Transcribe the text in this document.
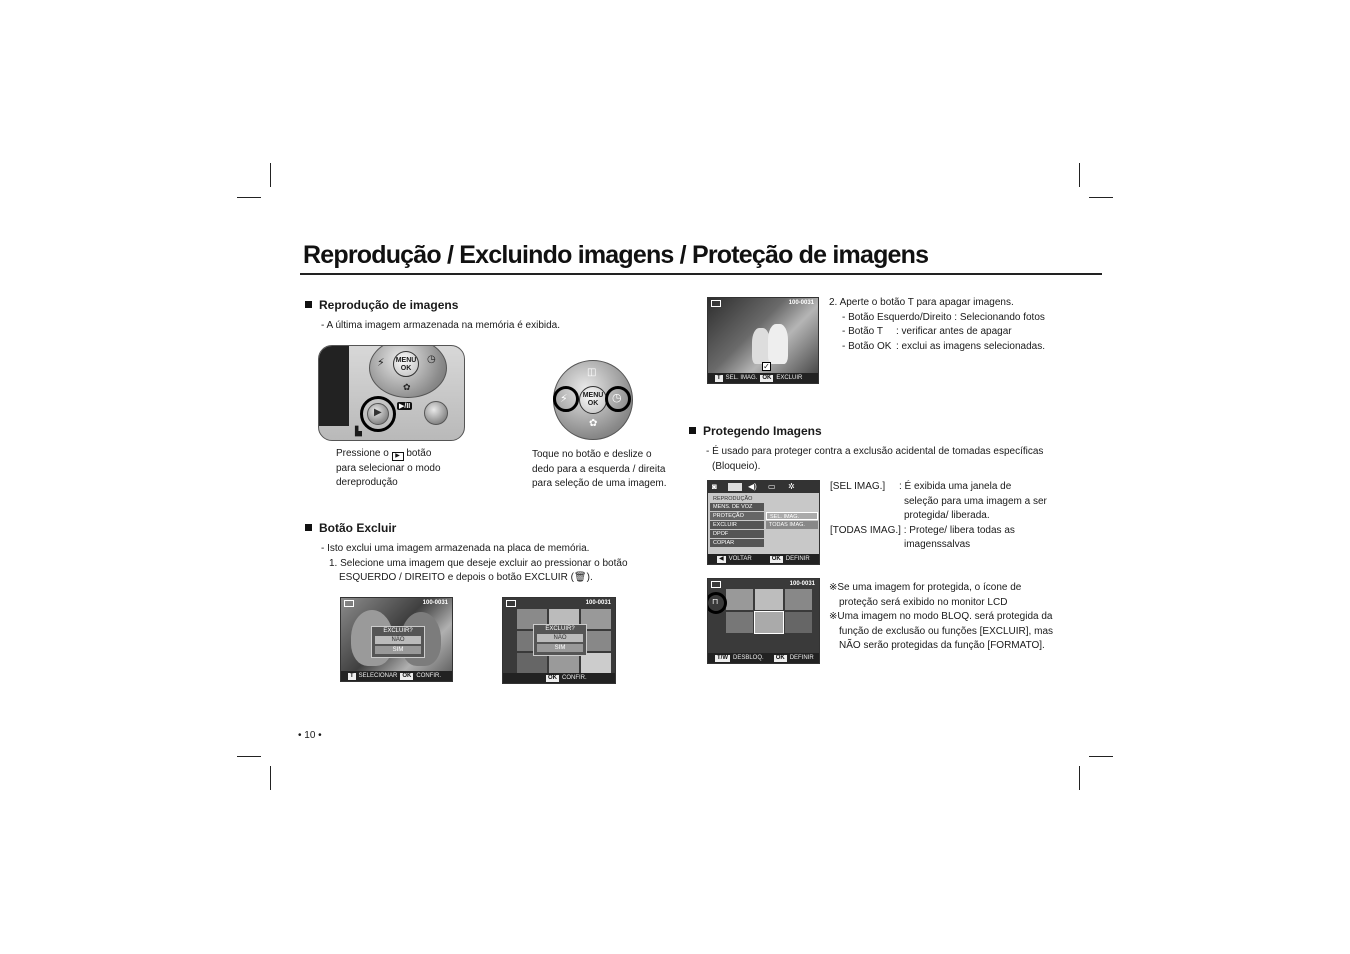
Reprodução / Excluindo imagens / Proteção de imagens
Reprodução de imagens
- A última imagem armazenada na memória é exibida.
MENU
OK
⚡	◷
✿
▶
▶/II
▙
MENU
OK
◫
✿
⚡	◷
Pressione o ▶ botão
para selecionar o modo
dereprodução
Toque no botão e deslize o
dedo para a esquerda / direita
para seleção de uma imagem.
Botão Excluir
- Isto exclui uma imagem armazenada na placa de memória.
1. Selecione uma imagem que deseje excluir ao pressionar o botão
ESQUERDO / DIREITO e depois o botão EXCLUIR (🗑).
100-0031
EXCLUIR?
NÃO
SIM
T SELECIONAR OK CONFIR.
100-0031
EXCLUIR?
NÃO
SIM
OK CONFIR.
• 10 •
100-0031
✓
T SEL. IMAG. OK EXCLUIR
2. Aperte o botão T para apagar imagens.
- Botão Esquerdo/Direito : Selecionando fotos
- Botão T : verificar antes de apagar
- Botão OK : exclui as imagens selecionadas.
Protegendo Imagens
- É usado para proteger contra a exclusão acidental de tomadas específicas
(Bloqueio).
◙	◀) ▭ ✲
REPRODUÇÃO
MENS. DE VOZ
PROTEÇÃO
EXCLUIR
DPOF
COPIAR
SEL. IMAG.
TODAS IMAG.
◀ VOLTAR	OK DEFINIR
[SEL IMAG.] : É exibida uma janela de
seleção para uma imagem a ser
protegida/ liberada.
[TODAS IMAG.] : Protege/ libera todas as
imagenssalvas
100-0031
⊓
T/W DESBLOQ. OK DEFINIR
※Se uma imagem for protegida, o ícone de
proteção será exibido no monitor LCD
※Uma imagem no modo BLOQ. será protegida da
função de exclusão ou funções [EXCLUIR], mas
NÃO serão protegidas da função [FORMATO].
